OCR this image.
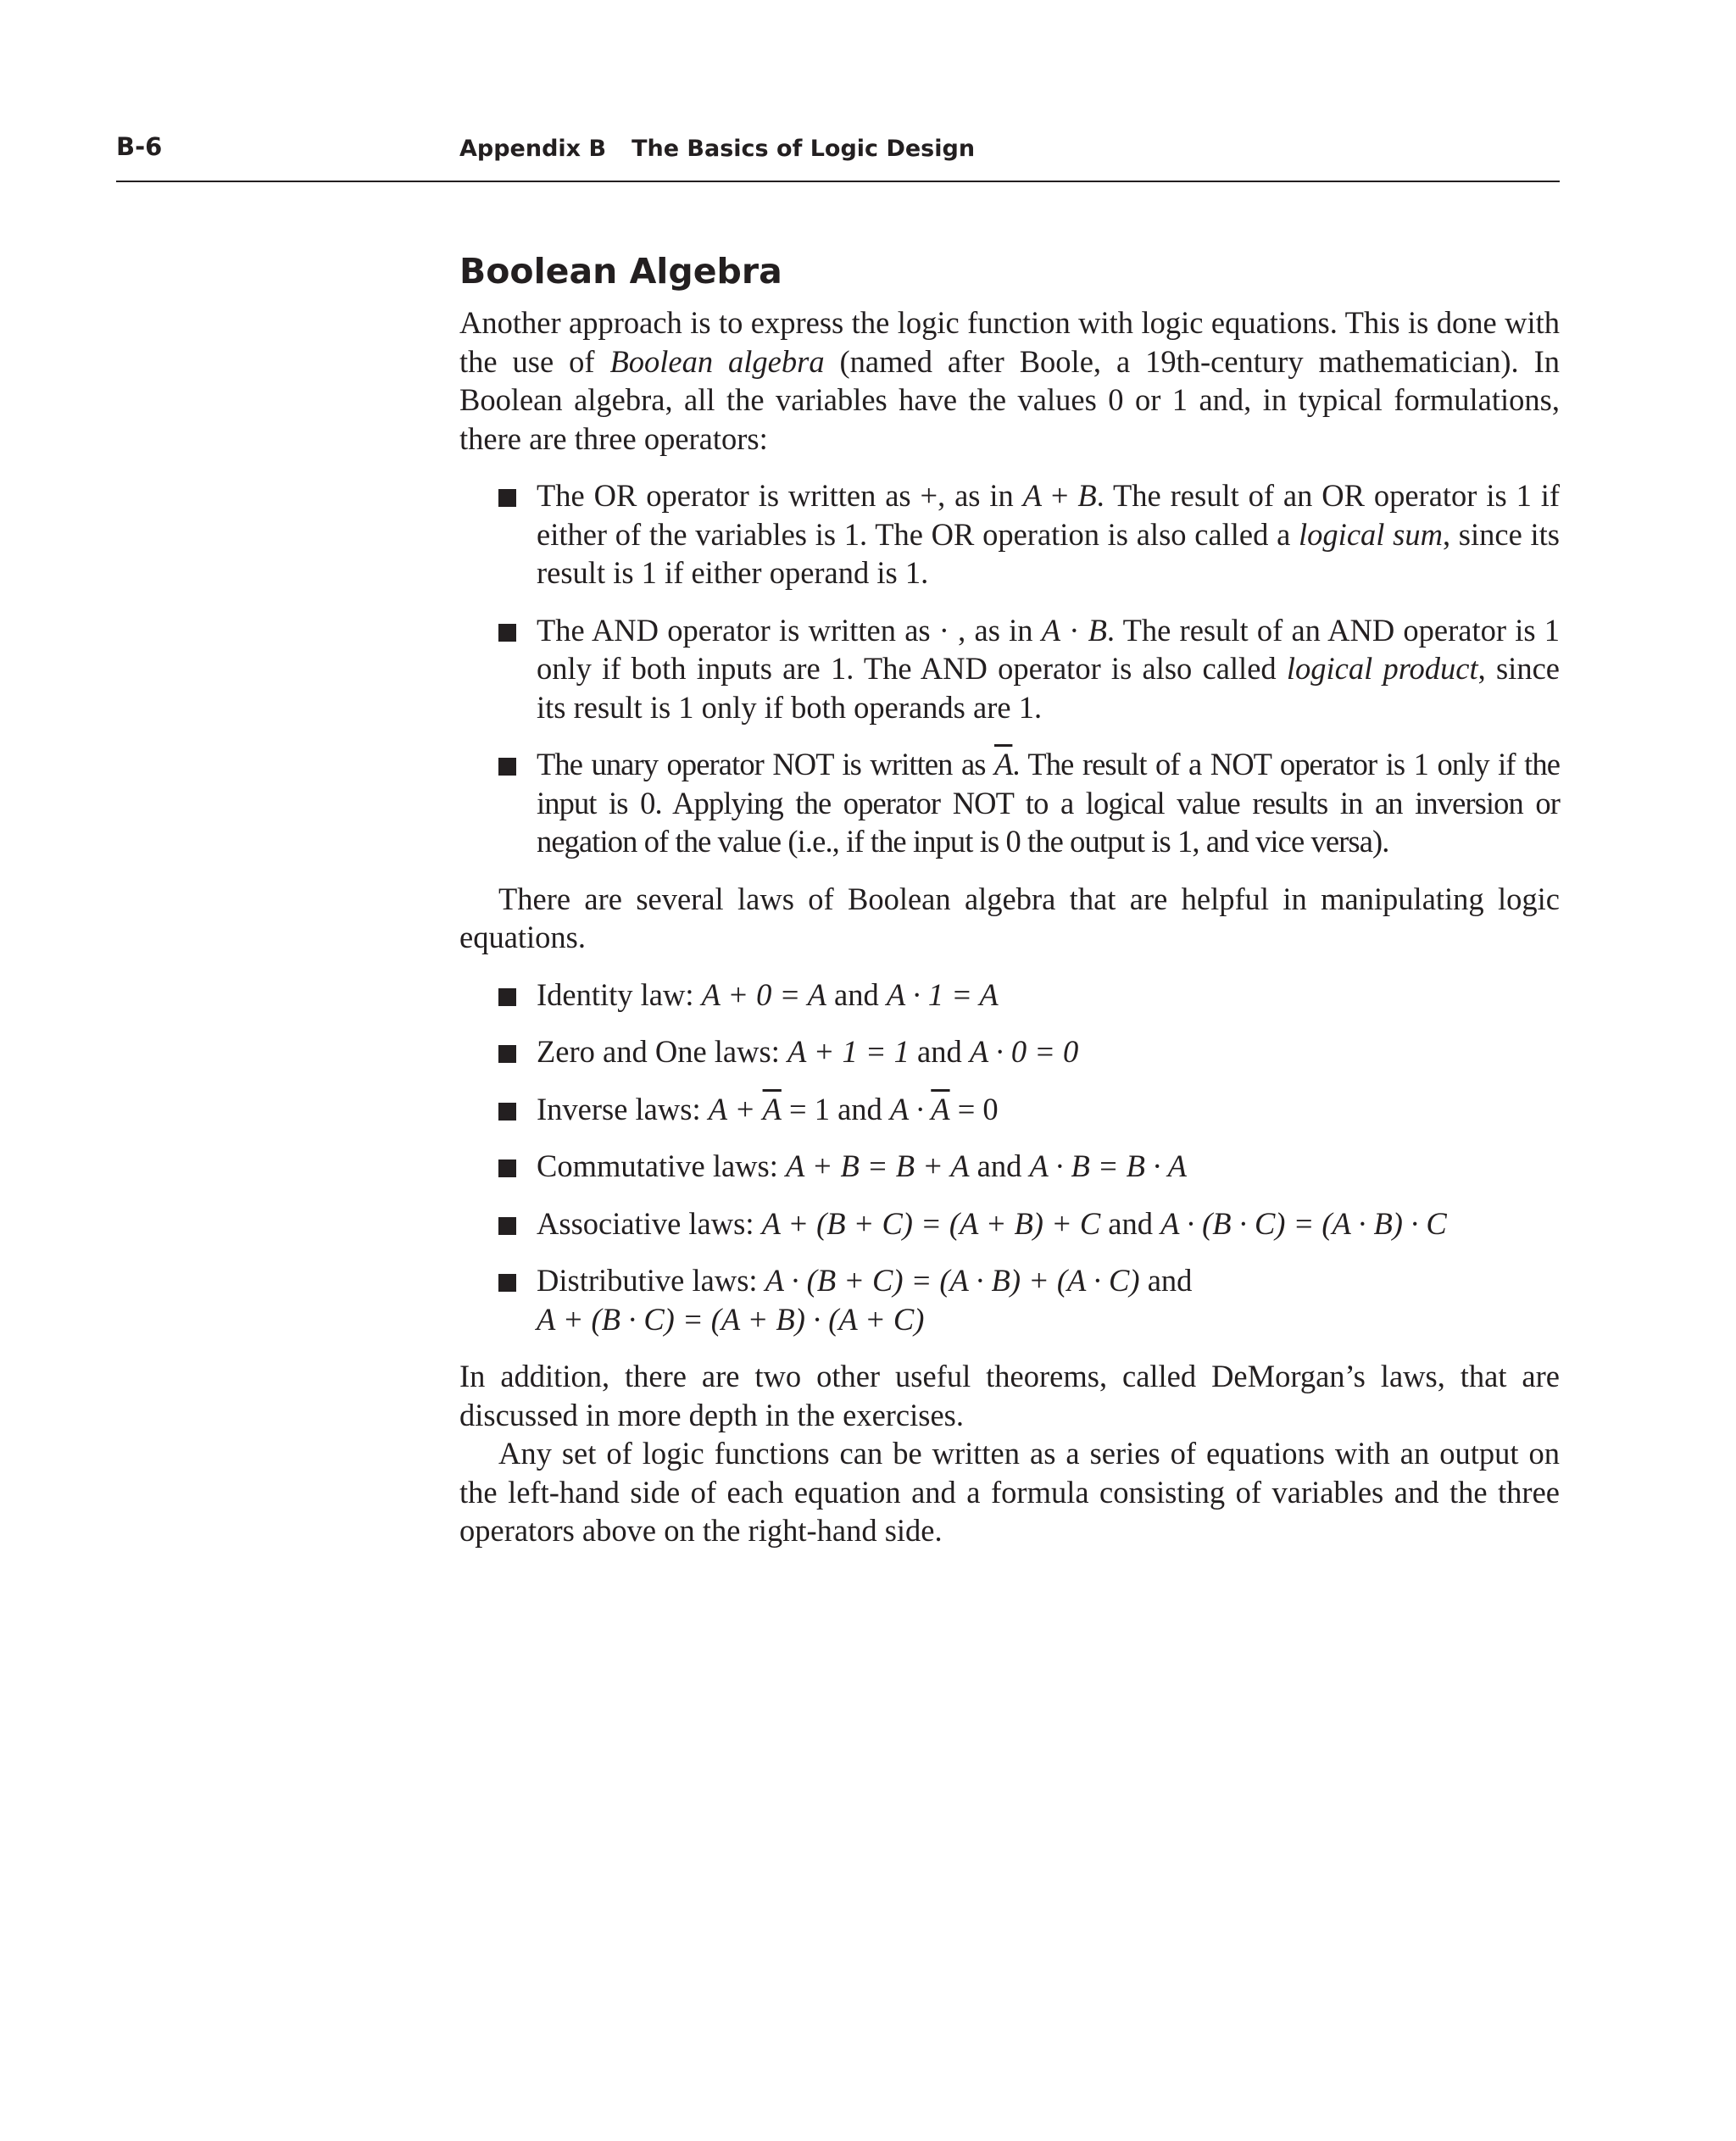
B-6	Appendix B The Basics of Logic Design
Boolean Algebra

Another approach is to express the logic function with logic equations. This is done with the use of Boolean algebra (named after Boole, a 19th-century mathematician). In Boolean algebra, all the variables have the values 0 or 1 and, in typical formulations, there are three operators:

The OR operator is written as +, as in A + B. The result of an OR operator is 1 if either of the variables is 1. The OR operation is also called a logical sum, since its result is 1 if either operand is 1.
The AND operator is written as · , as in A · B. The result of an AND operator is 1 only if both inputs are 1. The AND operator is also called logical product, since its result is 1 only if both operands are 1.
The unary operator NOT is written as $\overline{A}$. The result of a NOT operator is 1 only if the input is 0. Applying the operator NOT to a logical value results in an inversion or negation of the value (i.e., if the input is 0 the output is 1, and vice versa).

There are several laws of Boolean algebra that are helpful in manipulating logic equations.

Identity law: A + 0 = A and A · 1 = A
Zero and One laws: A + 1 = 1 and A · 0 = 0
Inverse laws: $A + \overline{A} = 1$ and $A \cdot \overline{A} = 0$
Commutative laws: A + B = B + A and A · B = B · A
Associative laws: A + (B + C) = (A + B) + C and A · (B · C) = (A · B) · C
Distributive laws: A · (B + C) = (A · B) + (A · C) and
A + (B · C) = (A + B) · (A + C)

In addition, there are two other useful theorems, called DeMorgan’s laws, that are discussed in more depth in the exercises.

Any set of logic functions can be written as a series of equations with an output on the left-hand side of each equation and a formula consisting of variables and the three operators above on the right-hand side.
